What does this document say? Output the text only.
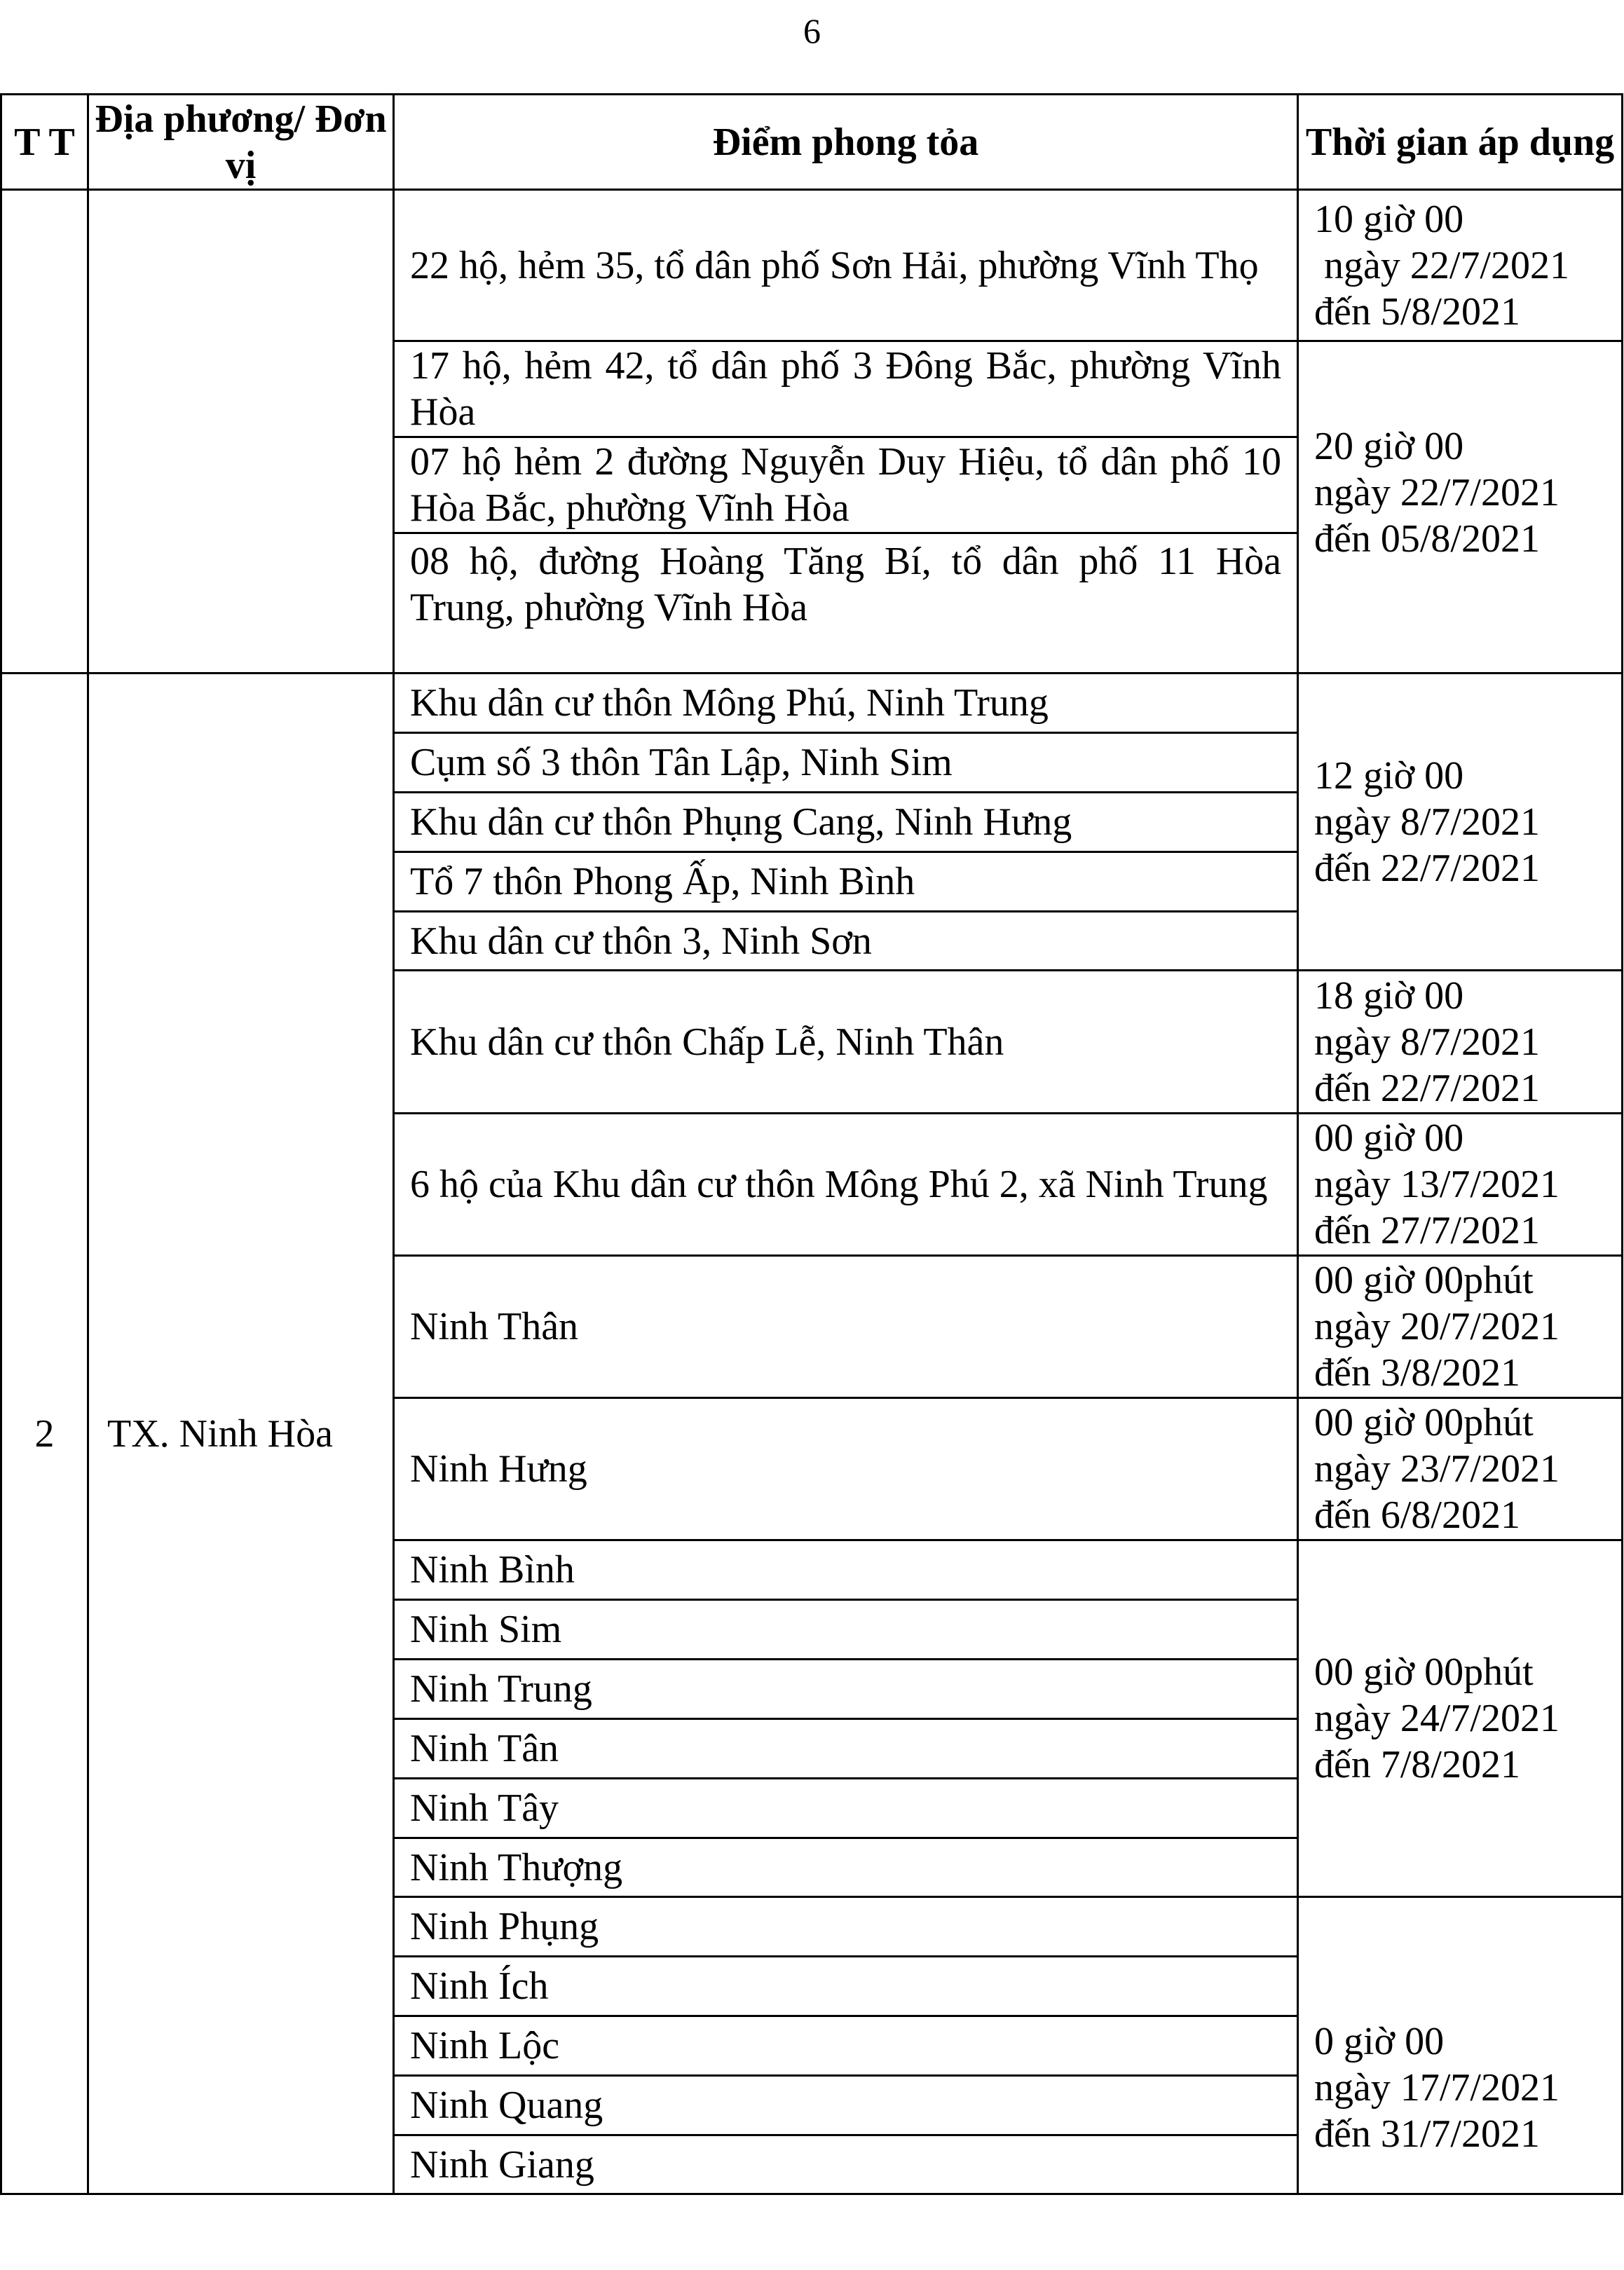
6
T T	Địa phương/ Đơn vị	Điểm phong tỏa	Thời gian áp dụng
		22 hộ, hẻm 35, tổ dân phố Sơn Hải, phường Vĩnh Thọ	10 giờ 00
ngày 22/7/2021
đến 5/8/2021

		17 hộ, hẻm 42, tổ dân phố 3 Đông Bắc, phường Vĩnh Hòa	20 giờ 00
ngày 22/7/2021
đến 05/8/2021

		07 hộ hẻm 2 đường Nguyễn Duy Hiệu, tổ dân phố 10 Hòa Bắc, phường Vĩnh Hòa	
		08 hộ, đường Hoàng Tăng Bí, tổ dân phố 11 Hòa Trung, phường Vĩnh Hòa	
2	TX. Ninh Hòa	Khu dân cư thôn Mông Phú, Ninh Trung	12 giờ 00
ngày 8/7/2021
đến 22/7/2021

		Cụm số 3 thôn Tân Lập, Ninh Sim	
		Khu dân cư thôn Phụng Cang, Ninh Hưng	
		Tổ 7 thôn Phong Ấp, Ninh Bình	
		Khu dân cư thôn 3, Ninh Sơn	
		Khu dân cư thôn Chấp Lễ, Ninh Thân	18 giờ 00
ngày 8/7/2021
đến 22/7/2021

		6 hộ của Khu dân cư thôn Mông Phú 2, xã Ninh Trung	00 giờ 00
ngày 13/7/2021
đến 27/7/2021

		Ninh Thân	00 giờ 00phút
ngày 20/7/2021
đến 3/8/2021

		Ninh Hưng	00 giờ 00phút
ngày 23/7/2021
đến 6/8/2021

		Ninh Bình	00 giờ 00phút
ngày 24/7/2021
đến 7/8/2021

		Ninh Sim	
		Ninh Trung	
		Ninh Tân	
		Ninh Tây	
		Ninh Thượng	
		Ninh Phụng	0 giờ 00
ngày 17/7/2021
đến 31/7/2021

		Ninh Ích	
		Ninh Lộc	
		Ninh Quang	
		Ninh Giang	
